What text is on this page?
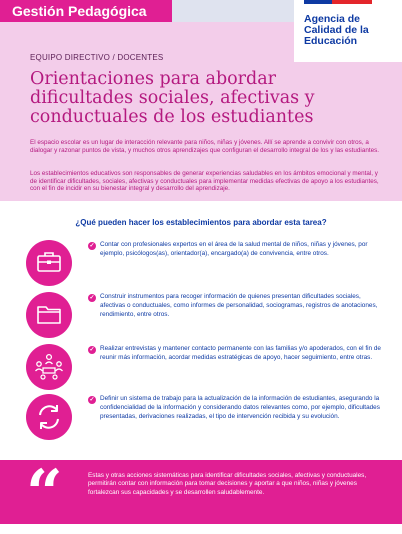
Gestión Pedagógica	Agencia de
Calidad de la
Educación
EQUIPO DIRECTIVO / DOCENTES
Orientaciones para abordar dificultades sociales, afectivas y conductuales de los estudiantes

El espacio escolar es un lugar de interacción relevante para niños, niñas y jóvenes. Allí se aprende a convivir con otros, a dialogar y razonar puntos de vista, y muchos otros aprendizajes que configuran el desarrollo integral de los y las estudiantes.

Los establecimientos educativos son responsables de generar experiencias saludables en los ámbitos emocional y mental, y de identificar dificultades, sociales, afectivas y conductuales para implementar medidas efectivas de apoyo a los estudiantes, con el fin de incidir en su bienestar integral y desarrollo del aprendizaje.

¿Qué pueden hacer los establecimientos para abordar esta tarea?
✓ Contar con profesionales expertos en el área de la salud mental de niños, niñas y jóvenes, por ejemplo, psicólogos(as), orientador(a), encargado(a) de convivencia, entre otros.

✓ Construir instrumentos para recoger información de quienes presentan dificultades sociales, afectivas o conductuales, como informes de personalidad, sociogramas, registros de anotaciones, rendimiento, entre otros.

✓ Realizar entrevistas y mantener contacto permanente con las familias y/o apoderados, con el fin de reunir más información, acordar medidas estratégicas de apoyo, hacer seguimiento, entre otras.

✓ Definir un sistema de trabajo para la actualización de la información de estudiantes, asegurando la confidencialidad de la información y considerando datos relevantes como, por ejemplo, dificultades presentadas, derivaciones realizadas, el tipo de intervención recibida y su evolución.

“	Estas y otras acciones sistemáticas para identificar dificultades sociales, afectivas y conductuales, permitirán contar con información para tomar decisiones y aportar a que niños, niñas y jóvenes fortalezcan sus capacidades y se desarrollen saludablemente.
